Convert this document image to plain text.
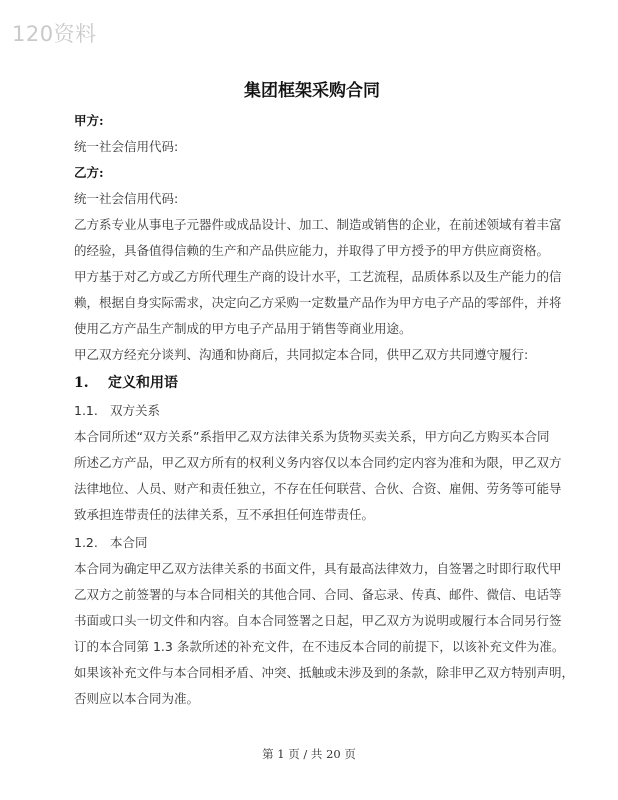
120资料
集团框架采购合同
甲方:
统一社会信用代码:
乙方:
统一社会信用代码:
乙方系专业从事电子元器件或成品设计、加工、制造或销售的企业，在前述领域有着丰富
的经验，具备值得信赖的生产和产品供应能力，并取得了甲方授予的甲方供应商资格。
甲方基于对乙方或乙方所代理生产商的设计水平，工艺流程，品质体系以及生产能力的信
赖，根据自身实际需求，决定向乙方采购一定数量产品作为甲方电子产品的零部件，并将
使用乙方产品生产制成的甲方电子产品用于销售等商业用途。
甲乙双方经充分谈判、沟通和协商后，共同拟定本合同，供甲乙双方共同遵守履行:
1. 定义和用语
1.1. 双方关系
本合同所述“双方关系”系指甲乙双方法律关系为货物买卖关系，甲方向乙方购买本合同
所述乙方产品，甲乙双方所有的权利义务内容仅以本合同约定内容为准和为限，甲乙双方
法律地位、人员、财产和责任独立，不存在任何联营、合伙、合资、雇佣、劳务等可能导
致承担连带责任的法律关系，互不承担任何连带责任。
1.2. 本合同
本合同为确定甲乙双方法律关系的书面文件，具有最高法律效力，自签署之时即行取代甲
乙双方之前签署的与本合同相关的其他合同、合同、备忘录、传真、邮件、微信、电话等
书面或口头一切文件和内容。自本合同签署之日起，甲乙双方为说明或履行本合同另行签
订的本合同第 1.3 条款所述的补充文件，在不违反本合同的前提下，以该补充文件为准。
如果该补充文件与本合同相矛盾、冲突、抵触或未涉及到的条款，除非甲乙双方特别声明，
否则应以本合同为准。
第 1 页 / 共 20 页
